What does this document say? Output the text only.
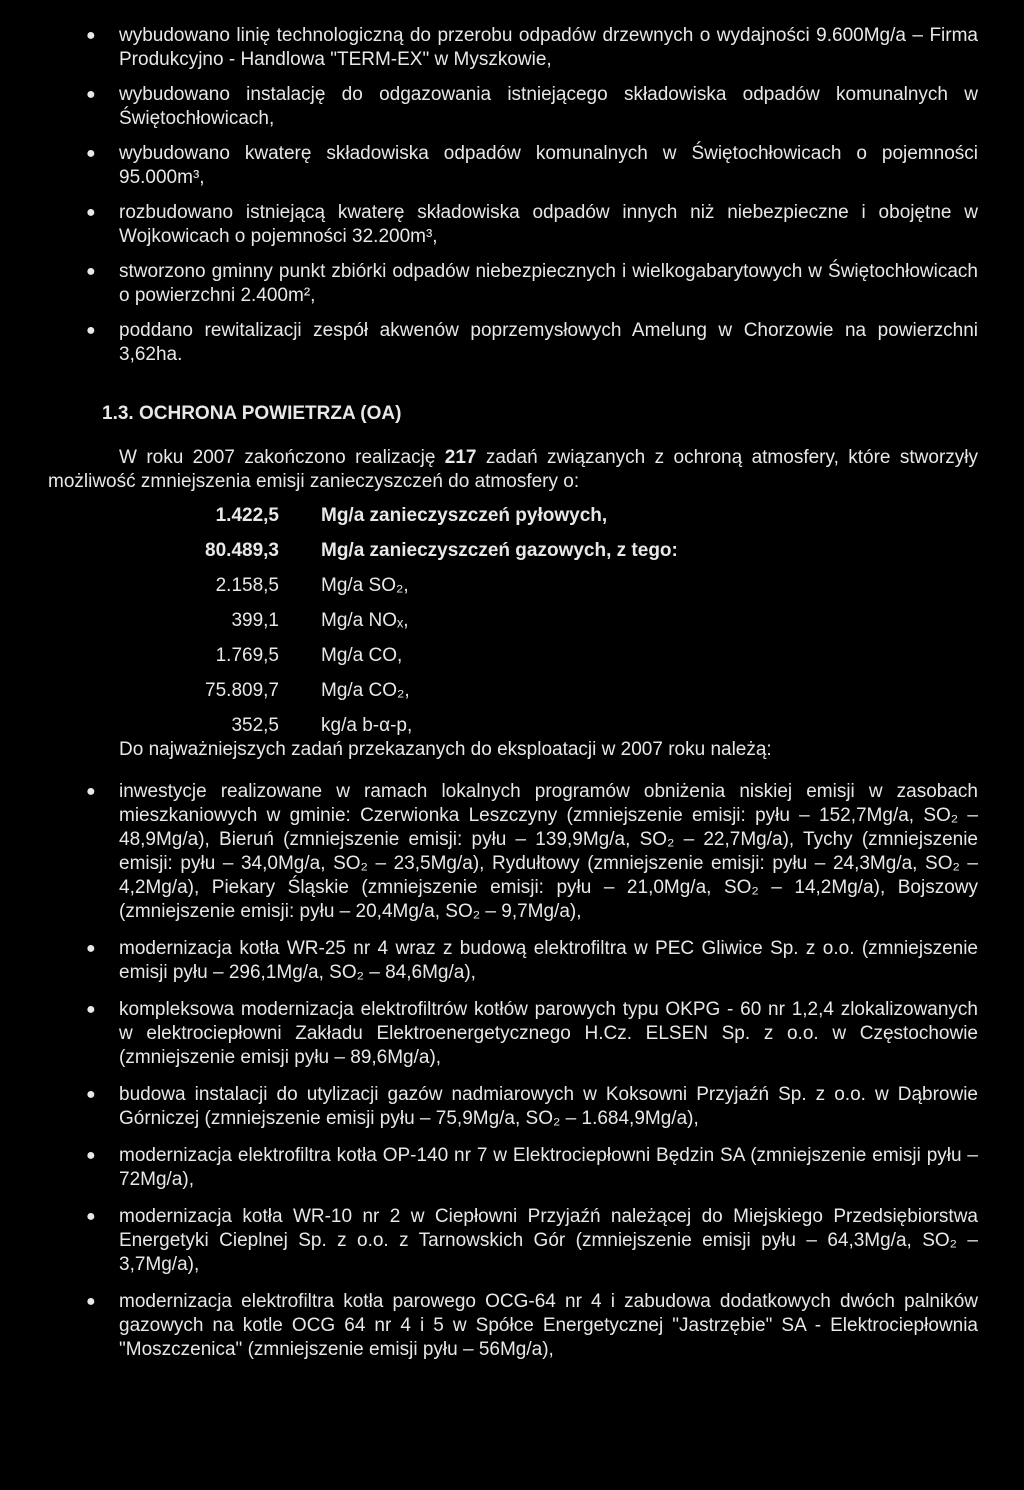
● wybudowano linię technologiczną do przerobu odpadów drzewnych o wydajności 9.600Mg/a – Firma Produkcyjno - Handlowa "TERM-EX" w Myszkowie,
● wybudowano instalację do odgazowania istniejącego składowiska odpadów komunalnych w Świętochłowicach,
● wybudowano kwaterę składowiska odpadów komunalnych w Świętochłowicach o pojemności 95.000m³,
● rozbudowano istniejącą kwaterę składowiska odpadów innych niż niebezpieczne i obojętne w Wojkowicach o pojemności 32.200m³,
● stworzono gminny punkt zbiórki odpadów niebezpiecznych i wielkogabarytowych w Świętochłowicach o powierzchni 2.400m²,
● poddano rewitalizacji zespół akwenów poprzemysłowych Amelung w Chorzowie na powierzchni 3,62ha.
1.3. OCHRONA POWIETRZA (OA)

W roku 2007 zakończono realizację 217 zadań związanych z ochroną atmosfery, które stworzyły możliwość zmniejszenia emisji zanieczyszczeń do atmosfery o:

1.422,5	Mg/a zanieczyszczeń pyłowych,
80.489,3	Mg/a zanieczyszczeń gazowych, z tego:
2.158,5	Mg/a SO₂,
399,1	Mg/a NOₓ,
1.769,5	Mg/a CO,
75.809,7	Mg/a CO₂,
352,5	kg/a b-α-p,
Do najważniejszych zadań przekazanych do eksploatacji w 2007 roku należą:
● inwestycje realizowane w ramach lokalnych programów obniżenia niskiej emisji w zasobach mieszkaniowych w gminie: Czerwionka Leszczyny (zmniejszenie emisji: pyłu – 152,7Mg/a, SO₂ – 48,9Mg/a), Bieruń (zmniejszenie emisji: pyłu – 139,9Mg/a, SO₂ – 22,7Mg/a), Tychy (zmniejszenie emisji: pyłu – 34,0Mg/a, SO₂ – 23,5Mg/a), Rydułtowy (zmniejszenie emisji: pyłu – 24,3Mg/a, SO₂ – 4,2Mg/a), Piekary Śląskie (zmniejszenie emisji: pyłu – 21,0Mg/a, SO₂ – 14,2Mg/a), Bojszowy (zmniejszenie emisji: pyłu – 20,4Mg/a, SO₂ – 9,7Mg/a),
● modernizacja kotła WR-25 nr 4 wraz z budową elektrofiltra w PEC Gliwice Sp. z o.o. (zmniejszenie emisji pyłu – 296,1Mg/a, SO₂ – 84,6Mg/a),
● kompleksowa modernizacja elektrofiltrów kotłów parowych typu OKPG - 60 nr 1,2,4 zlokalizowanych w elektrociepłowni Zakładu Elektroenergetycznego H.Cz. ELSEN Sp. z o.o. w Częstochowie (zmniejszenie emisji pyłu – 89,6Mg/a),
● budowa instalacji do utylizacji gazów nadmiarowych w Koksowni Przyjaźń Sp. z o.o. w Dąbrowie Górniczej (zmniejszenie emisji pyłu – 75,9Mg/a, SO₂ – 1.684,9Mg/a),
● modernizacja elektrofiltra kotła OP-140 nr 7 w Elektrociepłowni Będzin SA (zmniejszenie emisji pyłu – 72Mg/a),
● modernizacja kotła WR-10 nr 2 w Ciepłowni Przyjaźń należącej do Miejskiego Przedsiębiorstwa Energetyki Cieplnej Sp. z o.o. z Tarnowskich Gór (zmniejszenie emisji pyłu – 64,3Mg/a, SO₂ – 3,7Mg/a),
● modernizacja elektrofiltra kotła parowego OCG-64 nr 4 i zabudowa dodatkowych dwóch palników gazowych na kotle OCG 64 nr 4 i 5 w Spółce Energetycznej "Jastrzębie" SA - Elektrociepłownia "Moszczenica" (zmniejszenie emisji pyłu – 56Mg/a),
